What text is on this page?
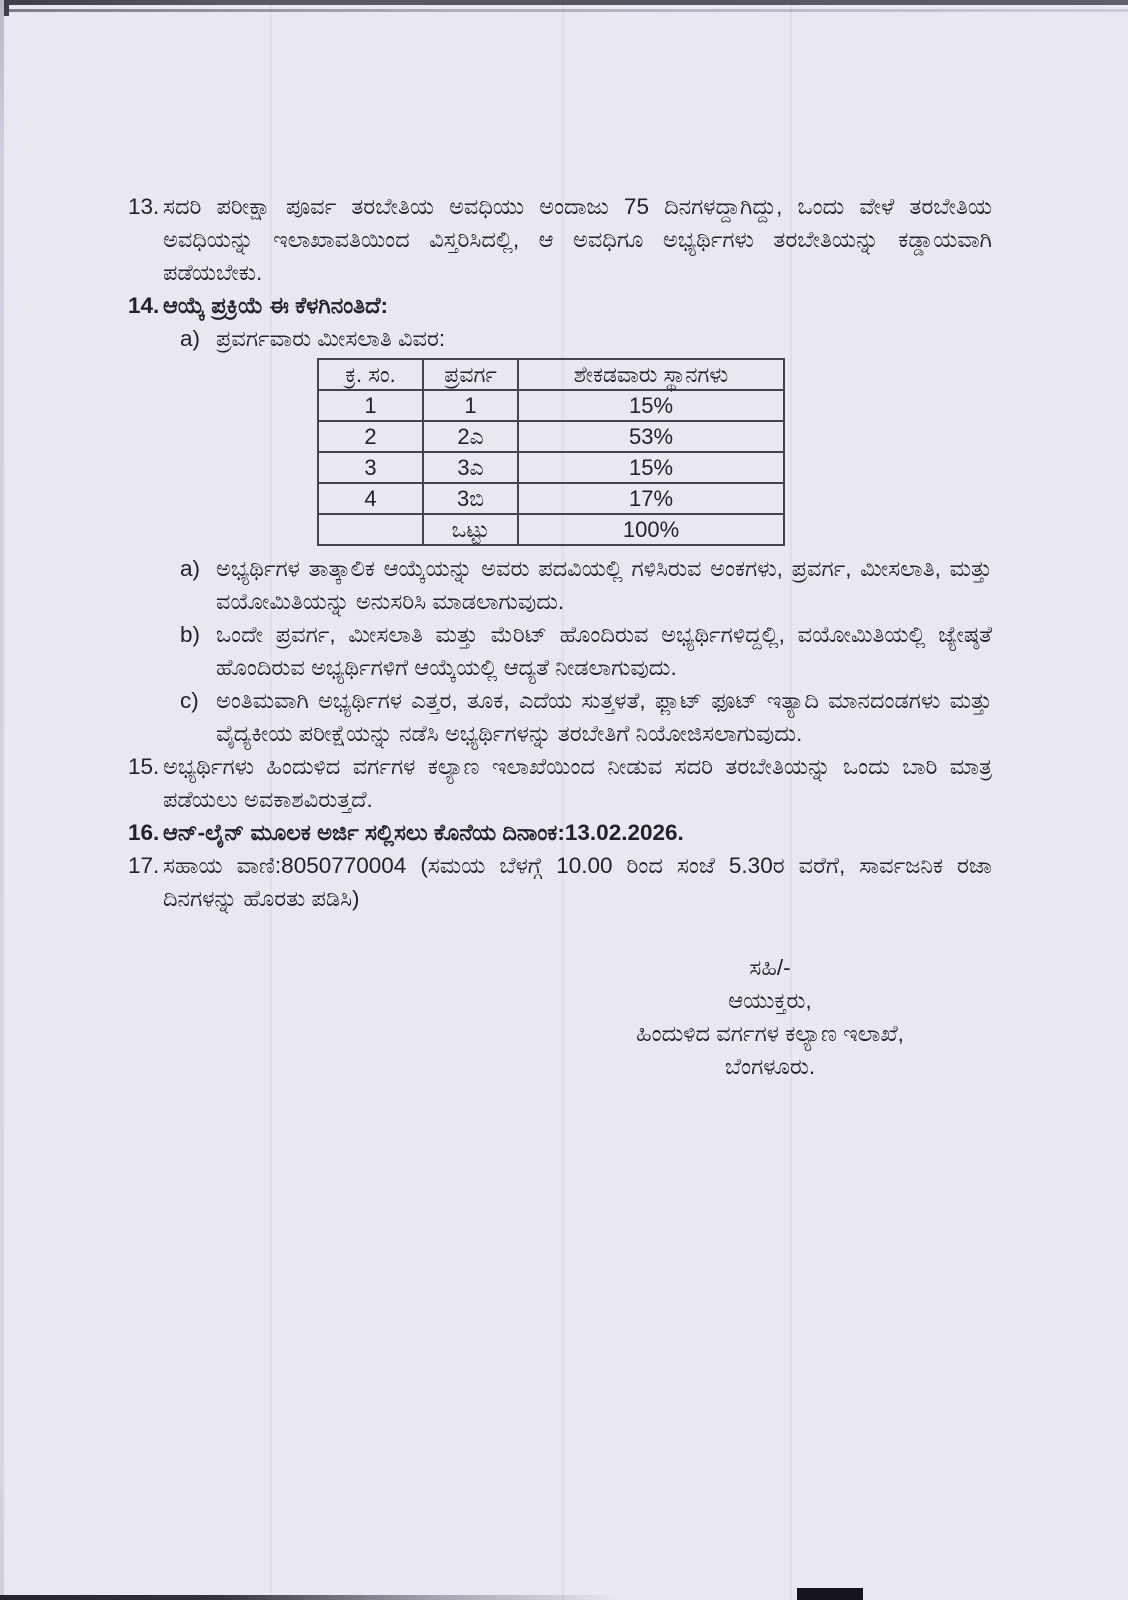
13. ಸದರಿ ಪರೀಕ್ಷಾ ಪೂರ್ವ ತರಬೇತಿಯ ಅವಧಿಯು ಅಂದಾಜು 75 ದಿನಗಳದ್ದಾಗಿದ್ದು, ಒಂದು ವೇಳೆ ತರಬೇತಿಯ ಅವಧಿಯನ್ನು ಇಲಾಖಾವತಿಯಿಂದ ವಿಸ್ತರಿಸಿದಲ್ಲಿ, ಆ ಅವಧಿಗೂ ಅಭ್ಯರ್ಥಿಗಳು ತರಬೇತಿಯನ್ನು ಕಡ್ಡಾಯವಾಗಿ ಪಡೆಯಬೇಕು.
14. ಆಯ್ಕೆ ಪ್ರಕ್ರಿಯೆ ಈ ಕೆಳಗಿನಂತಿದೆ:
a) ಪ್ರವರ್ಗವಾರು ಮೀಸಲಾತಿ ವಿವರ:
ಕ್ರ. ಸಂ.	ಪ್ರವರ್ಗ	ಶೇಕಡವಾರು ಸ್ಥಾನಗಳು
1	1	15%
2	2ಎ	53%
3	3ಎ	15%
4	3ಬಿ	17%
	ಒಟ್ಟು	100%
a) ಅಭ್ಯರ್ಥಿಗಳ ತಾತ್ಕಾಲಿಕ ಆಯ್ಕೆಯನ್ನು ಅವರು ಪದವಿಯಲ್ಲಿ ಗಳಿಸಿರುವ ಅಂಕಗಳು, ಪ್ರವರ್ಗ, ಮೀಸಲಾತಿ, ಮತ್ತು ವಯೋಮಿತಿಯನ್ನು ಅನುಸರಿಸಿ ಮಾಡಲಾಗುವುದು.
b) ಒಂದೇ ಪ್ರವರ್ಗ, ಮೀಸಲಾತಿ ಮತ್ತು ಮೆರಿಟ್ ಹೊಂದಿರುವ ಅಭ್ಯರ್ಥಿಗಳಿದ್ದಲ್ಲಿ, ವಯೋಮಿತಿಯಲ್ಲಿ ಜ್ಯೇಷ್ಠತೆ ಹೊಂದಿರುವ ಅಭ್ಯರ್ಥಿಗಳಿಗೆ ಆಯ್ಕೆಯಲ್ಲಿ ಆದ್ಯತೆ ನೀಡಲಾಗುವುದು.
c) ಅಂತಿಮವಾಗಿ ಅಭ್ಯರ್ಥಿಗಳ ಎತ್ತರ, ತೂಕ, ಎದೆಯ ಸುತ್ತಳತೆ, ಫ್ಲಾಟ್ ಫೂಟ್ ಇತ್ಯಾದಿ ಮಾನದಂಡಗಳು ಮತ್ತು ವೈದ್ಯಕೀಯ ಪರೀಕ್ಷೆಯನ್ನು ನಡೆಸಿ ಅಭ್ಯರ್ಥಿಗಳನ್ನು ತರಬೇತಿಗೆ ನಿಯೋಜಿಸಲಾಗುವುದು.
15. ಅಭ್ಯರ್ಥಿಗಳು ಹಿಂದುಳಿದ ವರ್ಗಗಳ ಕಲ್ಯಾಣ ಇಲಾಖೆಯಿಂದ ನೀಡುವ ಸದರಿ ತರಬೇತಿಯನ್ನು ಒಂದು ಬಾರಿ ಮಾತ್ರ ಪಡೆಯಲು ಅವಕಾಶವಿರುತ್ತದೆ.
16. ಆನ್-ಲೈನ್ ಮೂಲಕ ಅರ್ಜಿ ಸಲ್ಲಿಸಲು ಕೊನೆಯ ದಿನಾಂಕ:13.02.2026.
17. ಸಹಾಯ ವಾಣಿ:8050770004 (ಸಮಯ ಬೆಳಗ್ಗೆ 10.00 ರಿಂದ ಸಂಜೆ 5.30ರ ವರೆಗೆ, ಸಾರ್ವಜನಿಕ ರಜಾ ದಿನಗಳನ್ನು ಹೊರತು ಪಡಿಸಿ)
ಸಹಿ/-
ಆಯುಕ್ತರು,
ಹಿಂದುಳಿದ ವರ್ಗಗಳ ಕಲ್ಯಾಣ ಇಲಾಖೆ,
ಬೆಂಗಳೂರು.
